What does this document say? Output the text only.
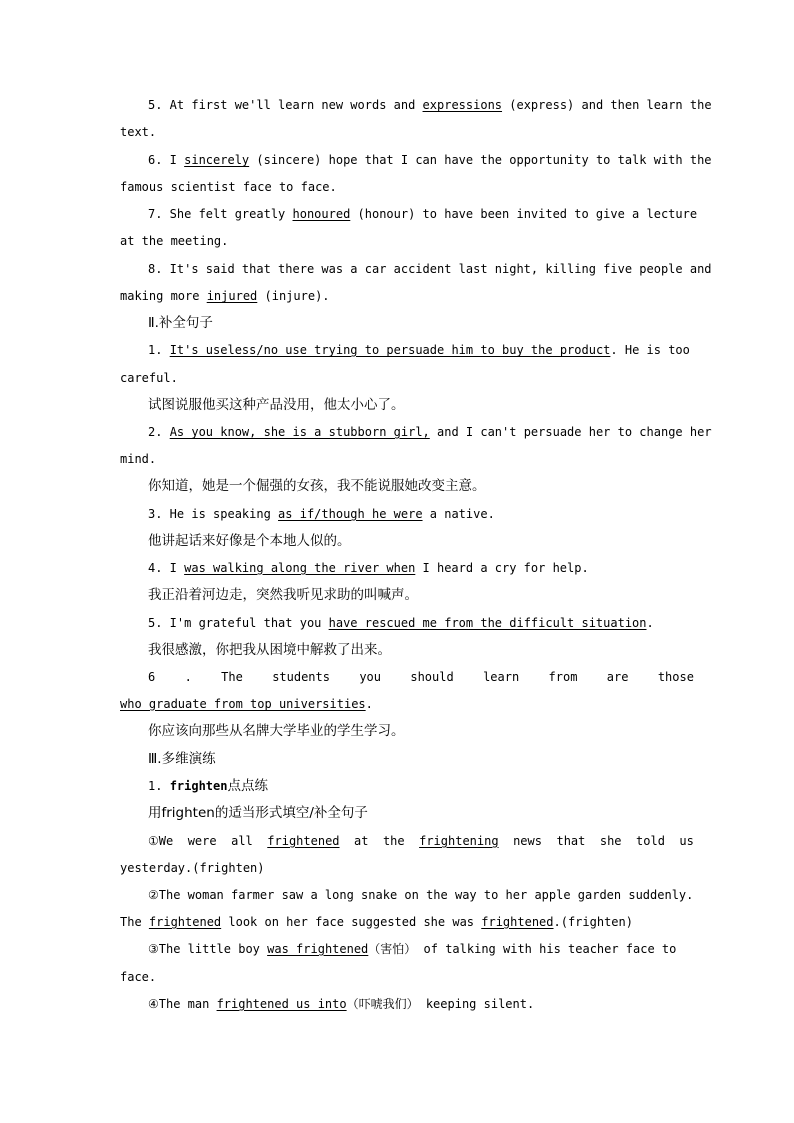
5. At first we'll learn new words and expressions (express) and then learn the
text.
6. I sincerely (sincere) hope that I can have the opportunity to talk with the
famous scientist face to face.
7. She felt greatly honoured (honour) to have been invited to give a lecture
at the meeting.
8. It's said that there was a car accident last night, killing five people and
making more injured (injure).
Ⅱ.补全句子
1. It's useless/no use trying to persuade him to buy the product. He is too
careful.
试图说服他买这种产品没用，他太小心了。
2. As you know, she is a stubborn girl, and I can't persuade her to change her
mind.
你知道，她是一个倔强的女孩，我不能说服她改变主意。
3. He is speaking as if/though he were a native.
他讲起话来好像是个本地人似的。
4. I was walking along the river when I heard a cry for help.
我正沿着河边走，突然我听见求助的叫喊声。
5. I'm grateful that you have rescued me from the difficult situation.
我很感激，你把我从困境中解救了出来。
6 . The students you should learn from are those
who graduate from top universities.
你应该向那些从名牌大学毕业的学生学习。
Ⅲ.多维演练
1. frighten点点练
用frighten的适当形式填空/补全句子
①We were all frightened at the frightening news that she told us
yesterday.(frighten)
②The woman farmer saw a long snake on the way to her apple garden suddenly.
The frightened look on her face suggested she was frightened.(frighten)
③The little boy was frightened（害怕） of talking with his teacher face to
face.
④The man frightened us into（吓唬我们） keeping silent.
